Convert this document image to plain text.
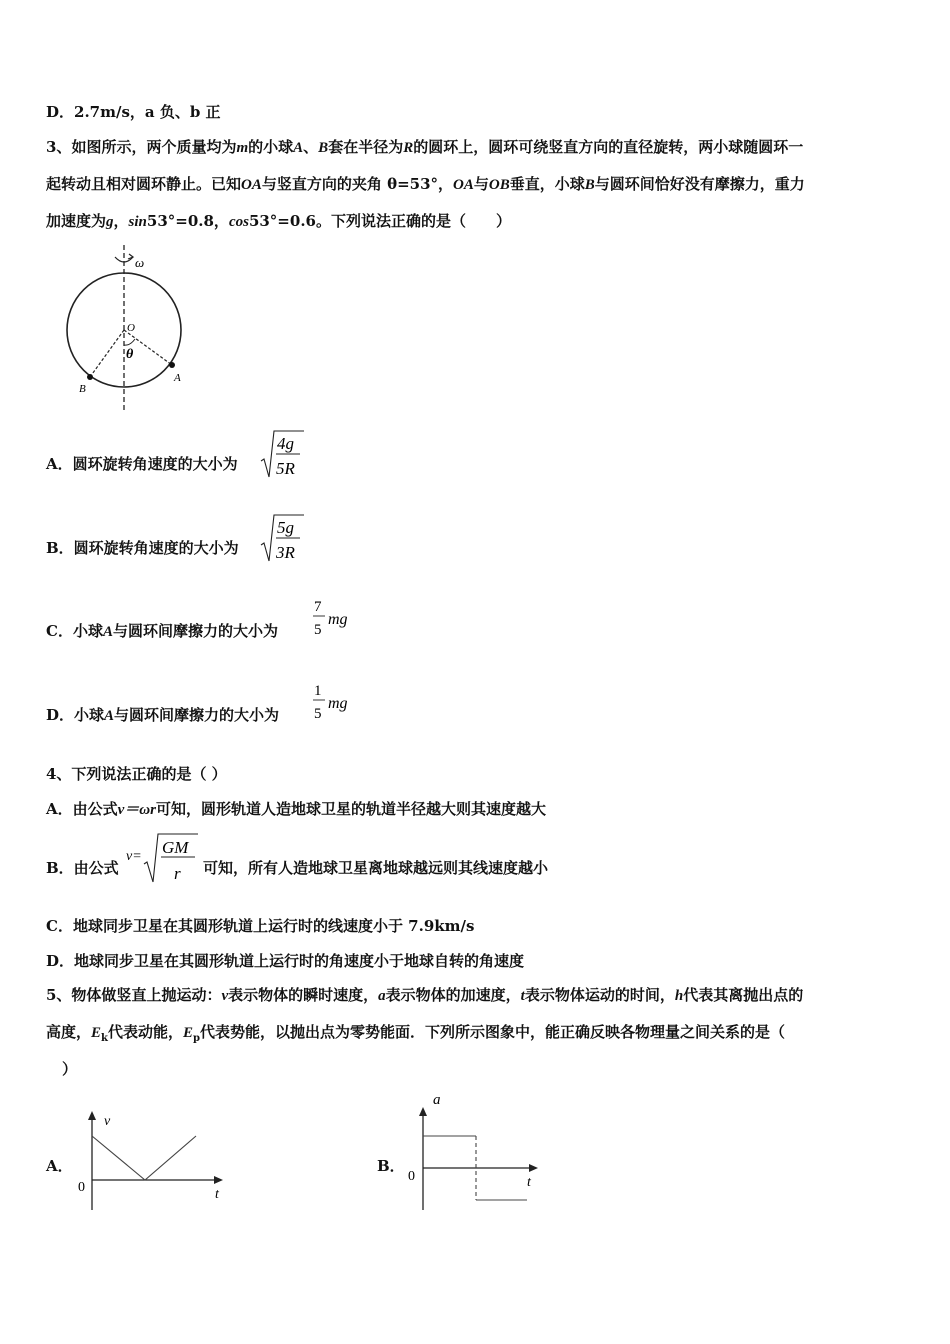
D．2.7m/s，a 负、b 正
3、如图所示，两个质量均为m的小球A、B套在半径为R的圆环上，圆环可绕竖直方向的直径旋转，两小球随圆环一
起转动且相对圆环静止。已知OA与竖直方向的夹角 θ=53°，OA与OB垂直，小球B与圆环间恰好没有摩擦力，重力
加速度为g，sin53°=0.8，cos53°=0.6。下列说法正确的是（　　）
ω
O
θ
B
A
A．圆环旋转角速度的大小为
4g
5R
B．圆环旋转角速度的大小为
5g
3R
C．小球A与圆环间摩擦力的大小为
7
5
mg
D．小球A与圆环间摩擦力的大小为
1
5
mg
4、下列说法正确的是（ ）
A．由公式v＝ωr可知，圆形轨道人造地球卫星的轨道半径越大则其速度越大
B．由公式
v= GM
r 可知，所有人造地球卫星离地球越远则其线速度越小
C．地球同步卫星在其圆形轨道上运行时的线速度小于 7.9km/s
D．地球同步卫星在其圆形轨道上运行时的角速度小于地球自转的角速度
5、物体做竖直上抛运动：v表示物体的瞬时速度，a表示物体的加速度，t表示物体运动的时间，h代表其离抛出点的
高度，$E_k$代表动能，$E_p$代表势能，以抛出点为零势能面．下列所示图象中，能正确反映各物理量之间关系的是（
）
A．
v
t
0
B．
a
t
0
